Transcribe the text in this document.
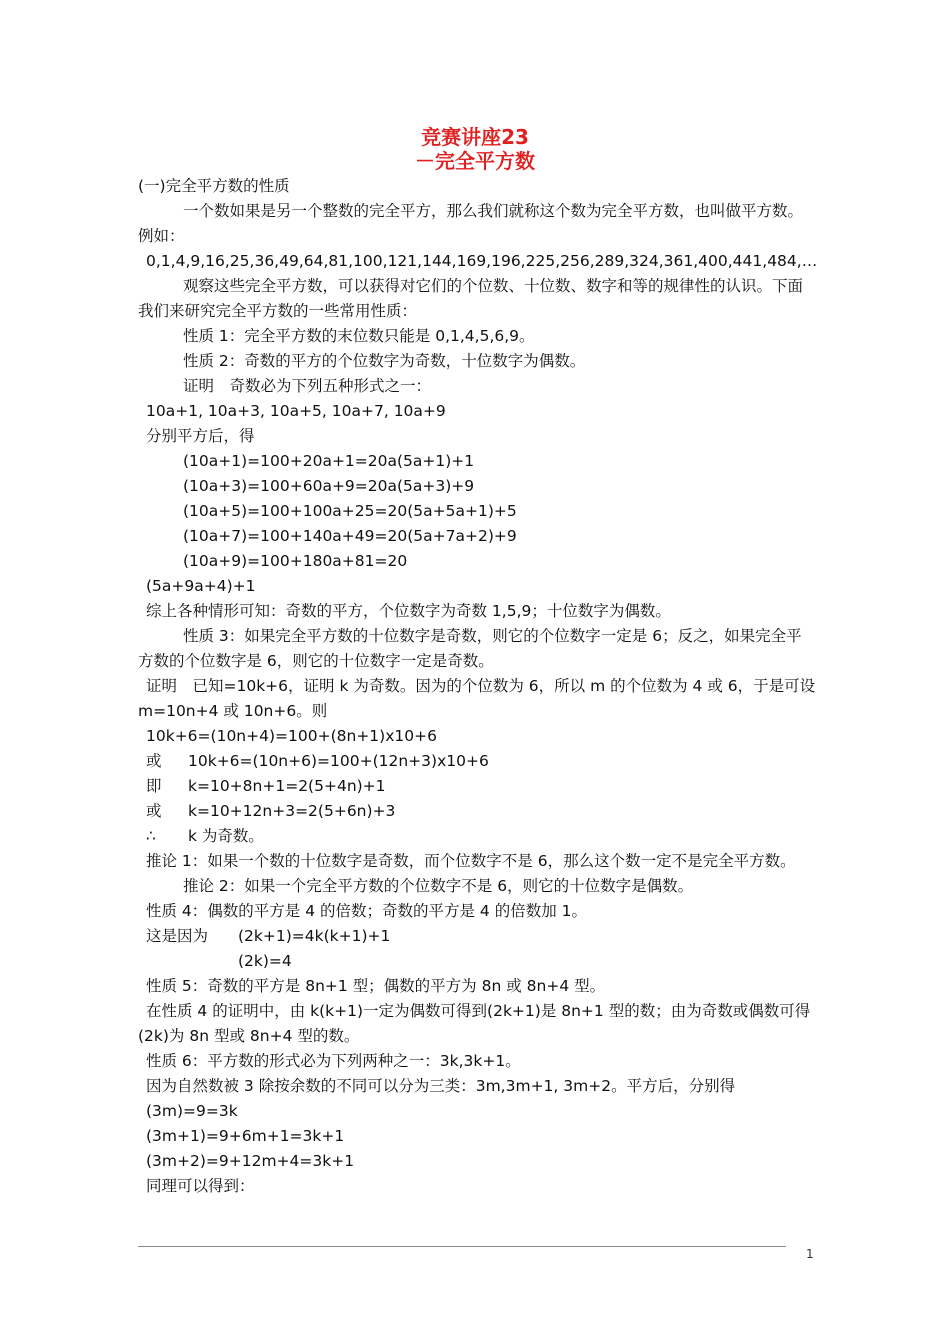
竞赛讲座23
－完全平方数

(一)完全平方数的性质

一个数如果是另一个整数的完全平方，那么我们就称这个数为完全平方数，也叫做平方数。例如：

0,1,4,9,16,25,36,49,64,81,100,121,144,169,196,225,256,289,324,361,400,441,484,…

观察这些完全平方数，可以获得对它们的个位数、十位数、数字和等的规律性的认识。下面我们来研究完全平方数的一些常用性质：

性质 1：完全平方数的末位数只能是 0,1,4,5,6,9。

性质 2：奇数的平方的个位数字为奇数，十位数字为偶数。

证明　奇数必为下列五种形式之一：

10a+1, 10a+3, 10a+5, 10a+7, 10a+9

分别平方后，得

(10a+1)=100+20a+1=20a(5a+1)+1

(10a+3)=100+60a+9=20a(5a+3)+9

(10a+5)=100+100a+25=20(5a+5a+1)+5

(10a+7)=100+140a+49=20(5a+7a+2)+9

(10a+9)=100+180a+81=20

(5a+9a+4)+1

综上各种情形可知：奇数的平方，个位数字为奇数 1,5,9；十位数字为偶数。

性质 3：如果完全平方数的十位数字是奇数，则它的个位数字一定是 6；反之，如果完全平方数的个位数字是 6，则它的十位数字一定是奇数。

证明　已知=10k+6，证明 k 为奇数。因为的个位数为 6，所以 m 的个位数为 4 或 6，于是可设 m=10n+4 或 10n+6。则

10k+6=(10n+4)=100+(8n+1)x10+6

或	10k+6=(10n+6)=100+(12n+3)x10+6
即	k=10+8n+1=2(5+4n)+1
或	k=10+12n+3=2(5+6n)+3
∴	k 为奇数。

推论 1：如果一个数的十位数字是奇数，而个位数字不是 6，那么这个数一定不是完全平方数。

推论 2：如果一个完全平方数的个位数字不是 6，则它的十位数字是偶数。

性质 4：偶数的平方是 4 的倍数；奇数的平方是 4 的倍数加 1。

这是因为	(2k+1)=4k(k+1)+1

(2k)=4

性质 5：奇数的平方是 8n+1 型；偶数的平方为 8n 或 8n+4 型。

在性质 4 的证明中，由 k(k+1)一定为偶数可得到(2k+1)是 8n+1 型的数；由为奇数或偶数可得(2k)为 8n 型或 8n+4 型的数。

性质 6：平方数的形式必为下列两种之一：3k,3k+1。

因为自然数被 3 除按余数的不同可以分为三类：3m,3m+1, 3m+2。平方后，分别得

(3m)=9=3k

(3m+1)=9+6m+1=3k+1

(3m+2)=9+12m+4=3k+1

同理可以得到：

1
